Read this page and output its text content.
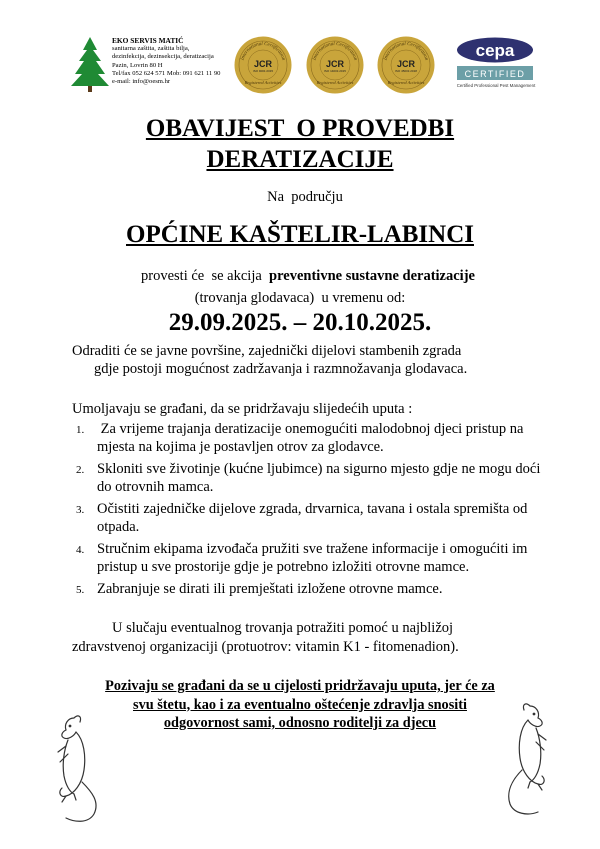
EKO SERVIS MATIĆ
sanitarna zaštita, zaštita bilja,
dezinfekcija, dezinsekcija, deratizacija
Pazin, Lovrin 80 H
Tel/fax 052 624 571 Mob: 091 621 11 90
e-mail: info@oesm.hr
International Certification
JCR
ISO 9001:2015
Registered Activities
International Certification
JCR
ISO 14001:2015
Registered Activities
International Certification
JCR
ISO 45001:2018
Registered Activities
cepa
CERTIFIED
Certified Professional Pest Management
OBAVIJEST  O PROVEDBI
DERATIZACIJE
Na  području
OPĆINE KAŠTELIR-LABINCI
provesti će  se akcija  preventivne sustavne deratizacije
(trovanja glodavaca)  u vremenu od:
29.09.2025. – 20.10.2025.
Odraditi će se javne površine, zajednički dijelovi stambenih zgrada
gdje postoji mogućnost zadržavanja i razmnožavanja glodavaca.
Umoljavaju se građani, da se pridržavaju slijedećih uputa :
1. Za vrijeme trajanja deratizacije onemogućiti malodobnoj djeci pristup na mjesta na kojima je postavljen otrov za glodavce.
2. Skloniti sve životinje (kućne ljubimce) na sigurno mjesto gdje ne mogu doći do otrovnih mamca.
3. Očistiti zajedničke dijelove zgrada, drvarnica, tavana i ostala spremišta od otpada.
4. Stručnim ekipama izvođača pružiti sve tražene informacije i omogućiti im  pristup u sve prostorije gdje je potrebno izložiti otrovne mamce.
5. Zabranjuje se dirati ili premještati izložene otrovne mamce.
U slučaju eventualnog trovanja potražiti pomoć u najbližoj
zdravstvenoj organizaciji (protuotrov: vitamin K1 - fitomenadion).
Pozivaju se građani da se u cijelosti pridržavaju uputa, jer će za
svu štetu, kao i za eventualno oštećenje zdravlja snositi
odgovornost sami, odnosno roditelji za djecu
